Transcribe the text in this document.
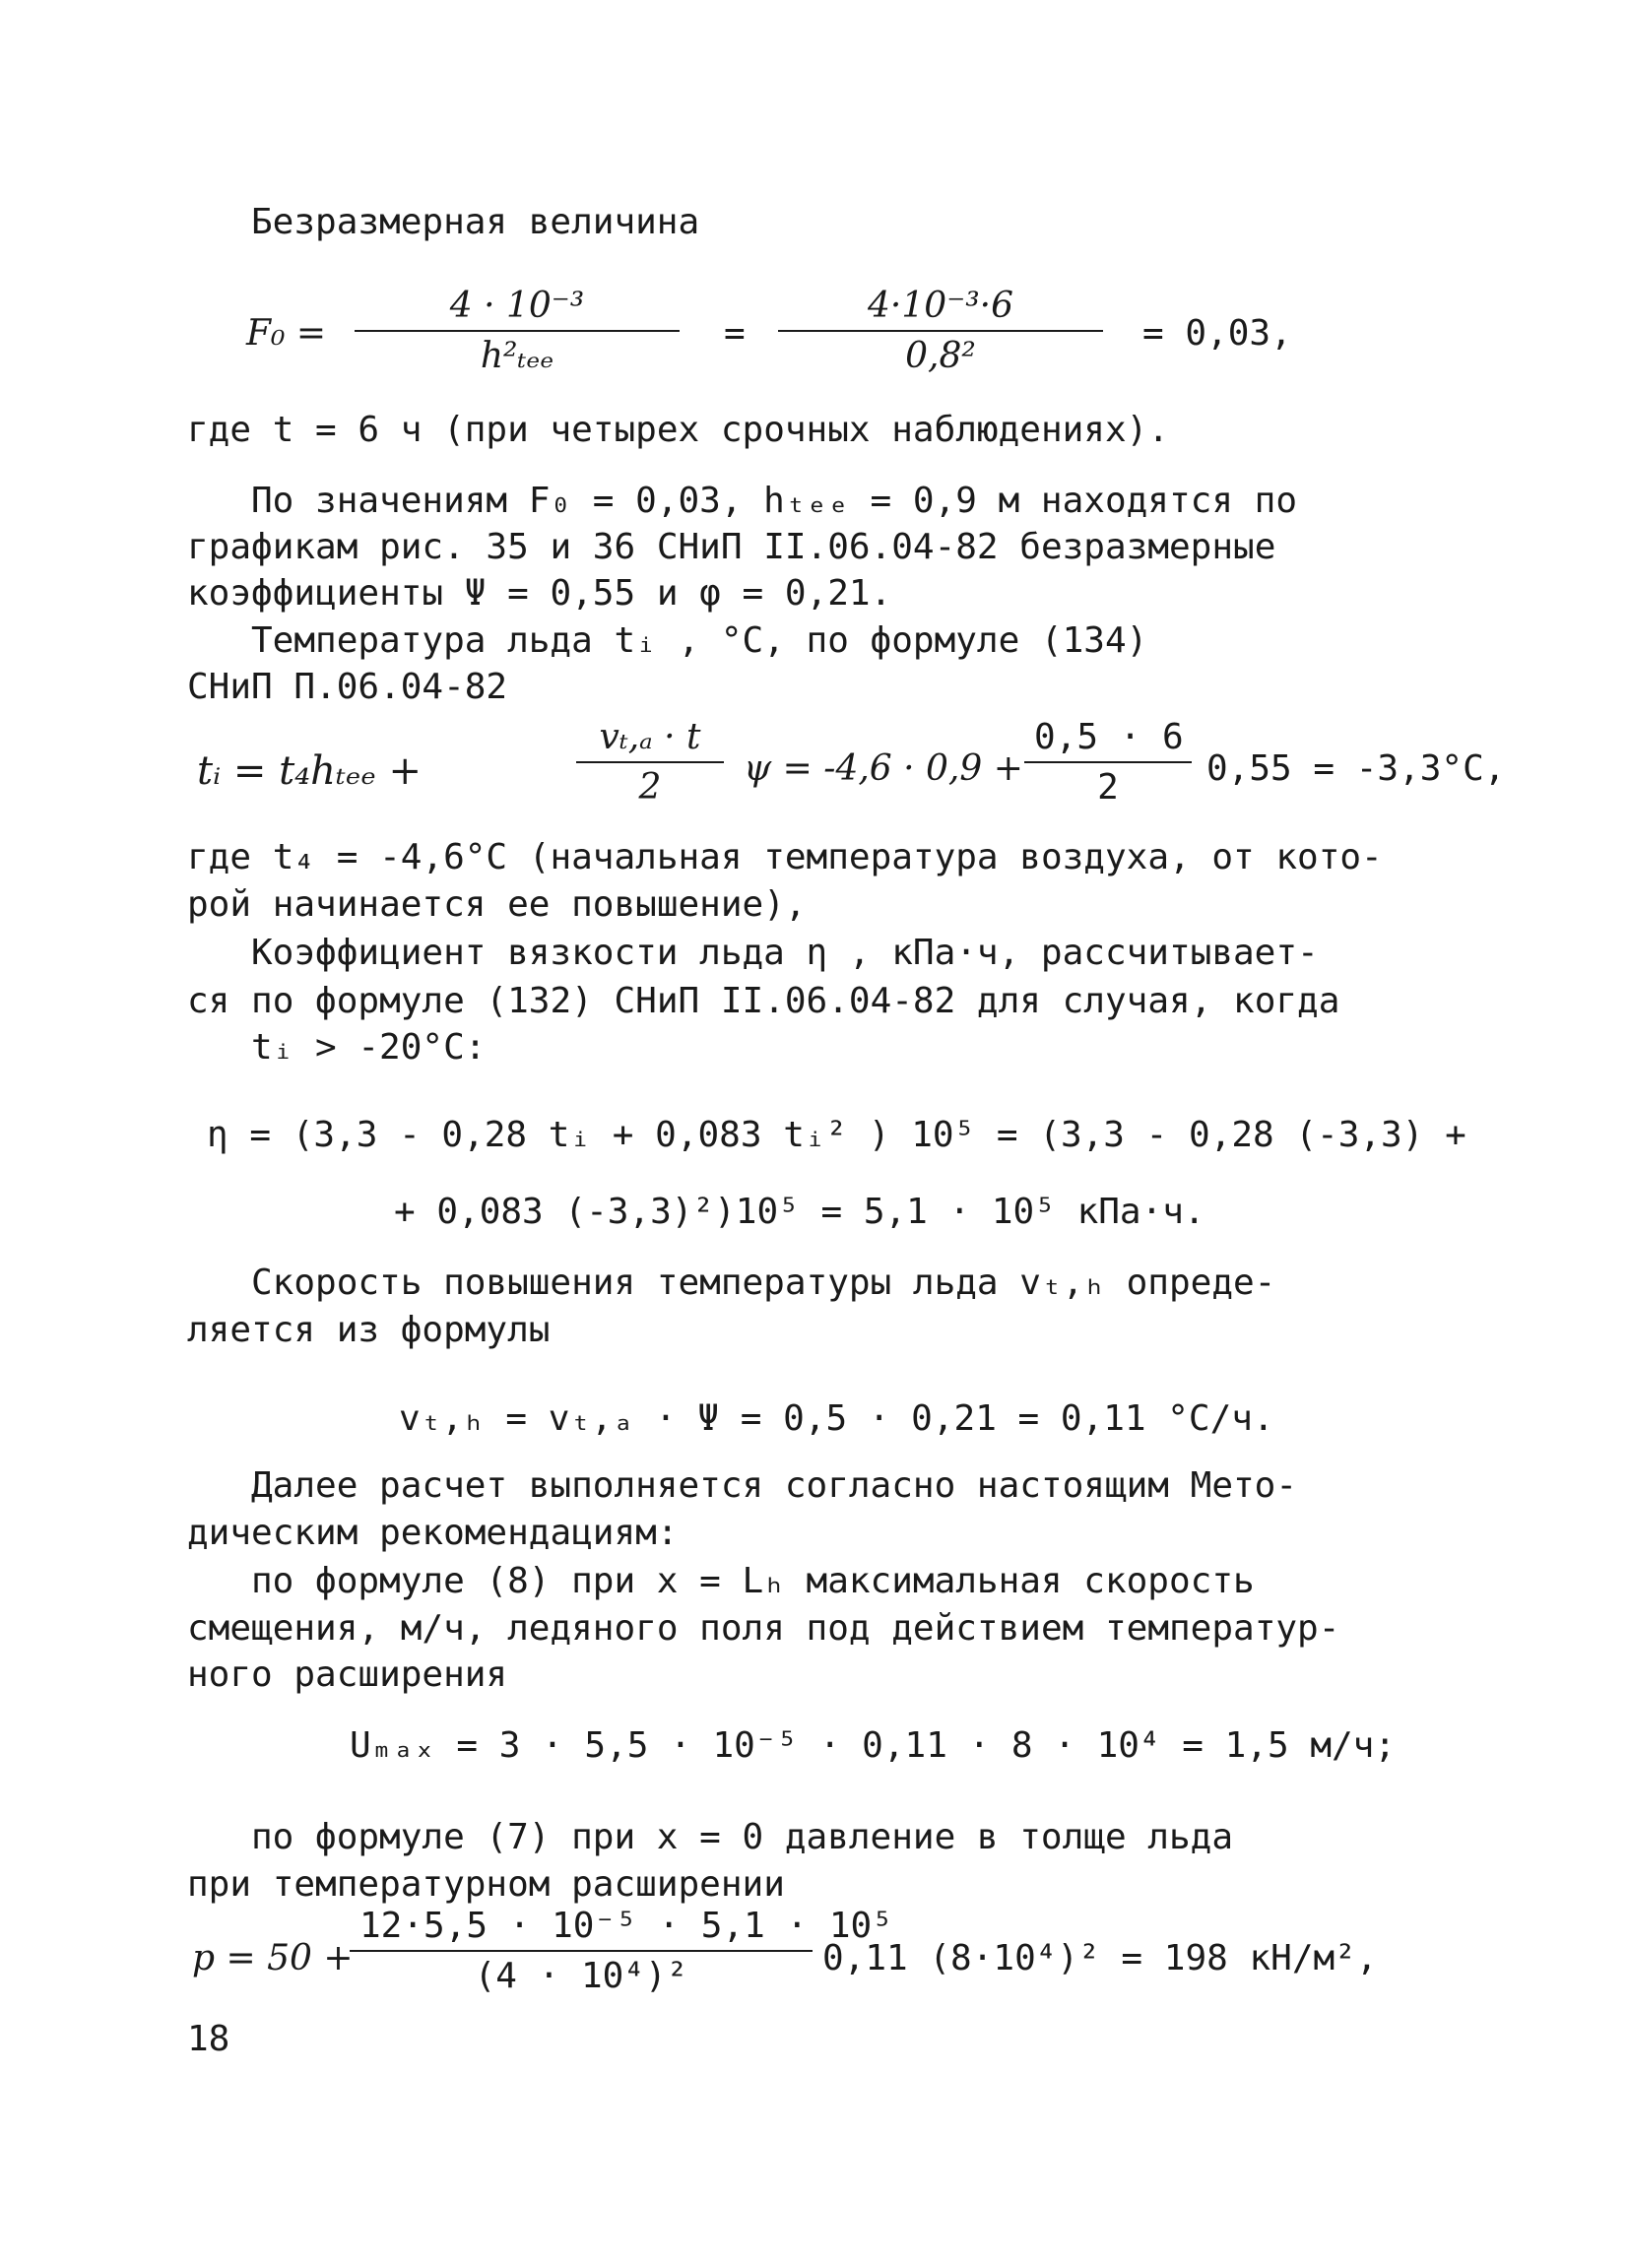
Безразмерная величина
F₀ =
4 · 10⁻³
h²ₜₑₑ
= $\frac{\text{4·10⁻³·6}}{\text{0,8²}} = 0,03$,
где t = 6 ч (при четырех срочных наблюдениях).
По значениям F₀ = 0,03, hₜₑₑ = 0,9 м находятся по
графикам рис. 35 и 36 СНиП II.06.04-82 безразмерные
коэффициенты Ψ = 0,55 и φ = 0,21.
Температура льда tᵢ , °C, по формуле (134)
СНиП П.06.04-82
tᵢ = t₄hₜₑₑ +	$\frac{\text{vₜ,ₐ · t}}{2}$ $\psi = -4,6 \cdot 0,9 + \frac{0,5 \cdot 6}{2} 0,55 = -3,3^\circ C$,
где t₄ = -4,6°C (начальная температура воздуха, от кото-
рой начинается ее повышение),
Коэффициент вязкости льда η , кПа·ч, рассчитывает-
ся по формуле (132) СНиП II.06.04-82 для случая, когда
tᵢ > -20°C:
η = (3,3 - 0,28 tᵢ + 0,083 tᵢ² ) 10⁵ = (3,3 - 0,28 (-3,3) +
+ 0,083 (-3,3)²)10⁵ = 5,1 · 10⁵ кПа·ч.
Скорость повышения температуры льда vₜ,ₕ опреде-
ляется из формулы
vₜ,ₕ = vₜ,ₐ · Ψ = 0,5 · 0,21 = 0,11 °C/ч.
Далее расчет выполняется согласно настоящим Мето-
дическим рекомендациям:
по формуле (8) при x = Lₕ максимальная скорость
смещения, м/ч, ледяного поля под действием температур-
ного расширения
Uₘₐₓ = 3 · 5,5 · 10⁻⁵ · 0,11 · 8 · 10⁴ = 1,5 м/ч;
по формуле (7) при x = 0 давление в толще льда
при температурном расширении
p = 50 +
$\frac{\text{12·5,5 · 10⁻⁵ · 5,1 · 10⁵}}{\text{(4 · 10⁴)²}} 0,11$ (8·10⁴)² = 198 кН/м²,
18
